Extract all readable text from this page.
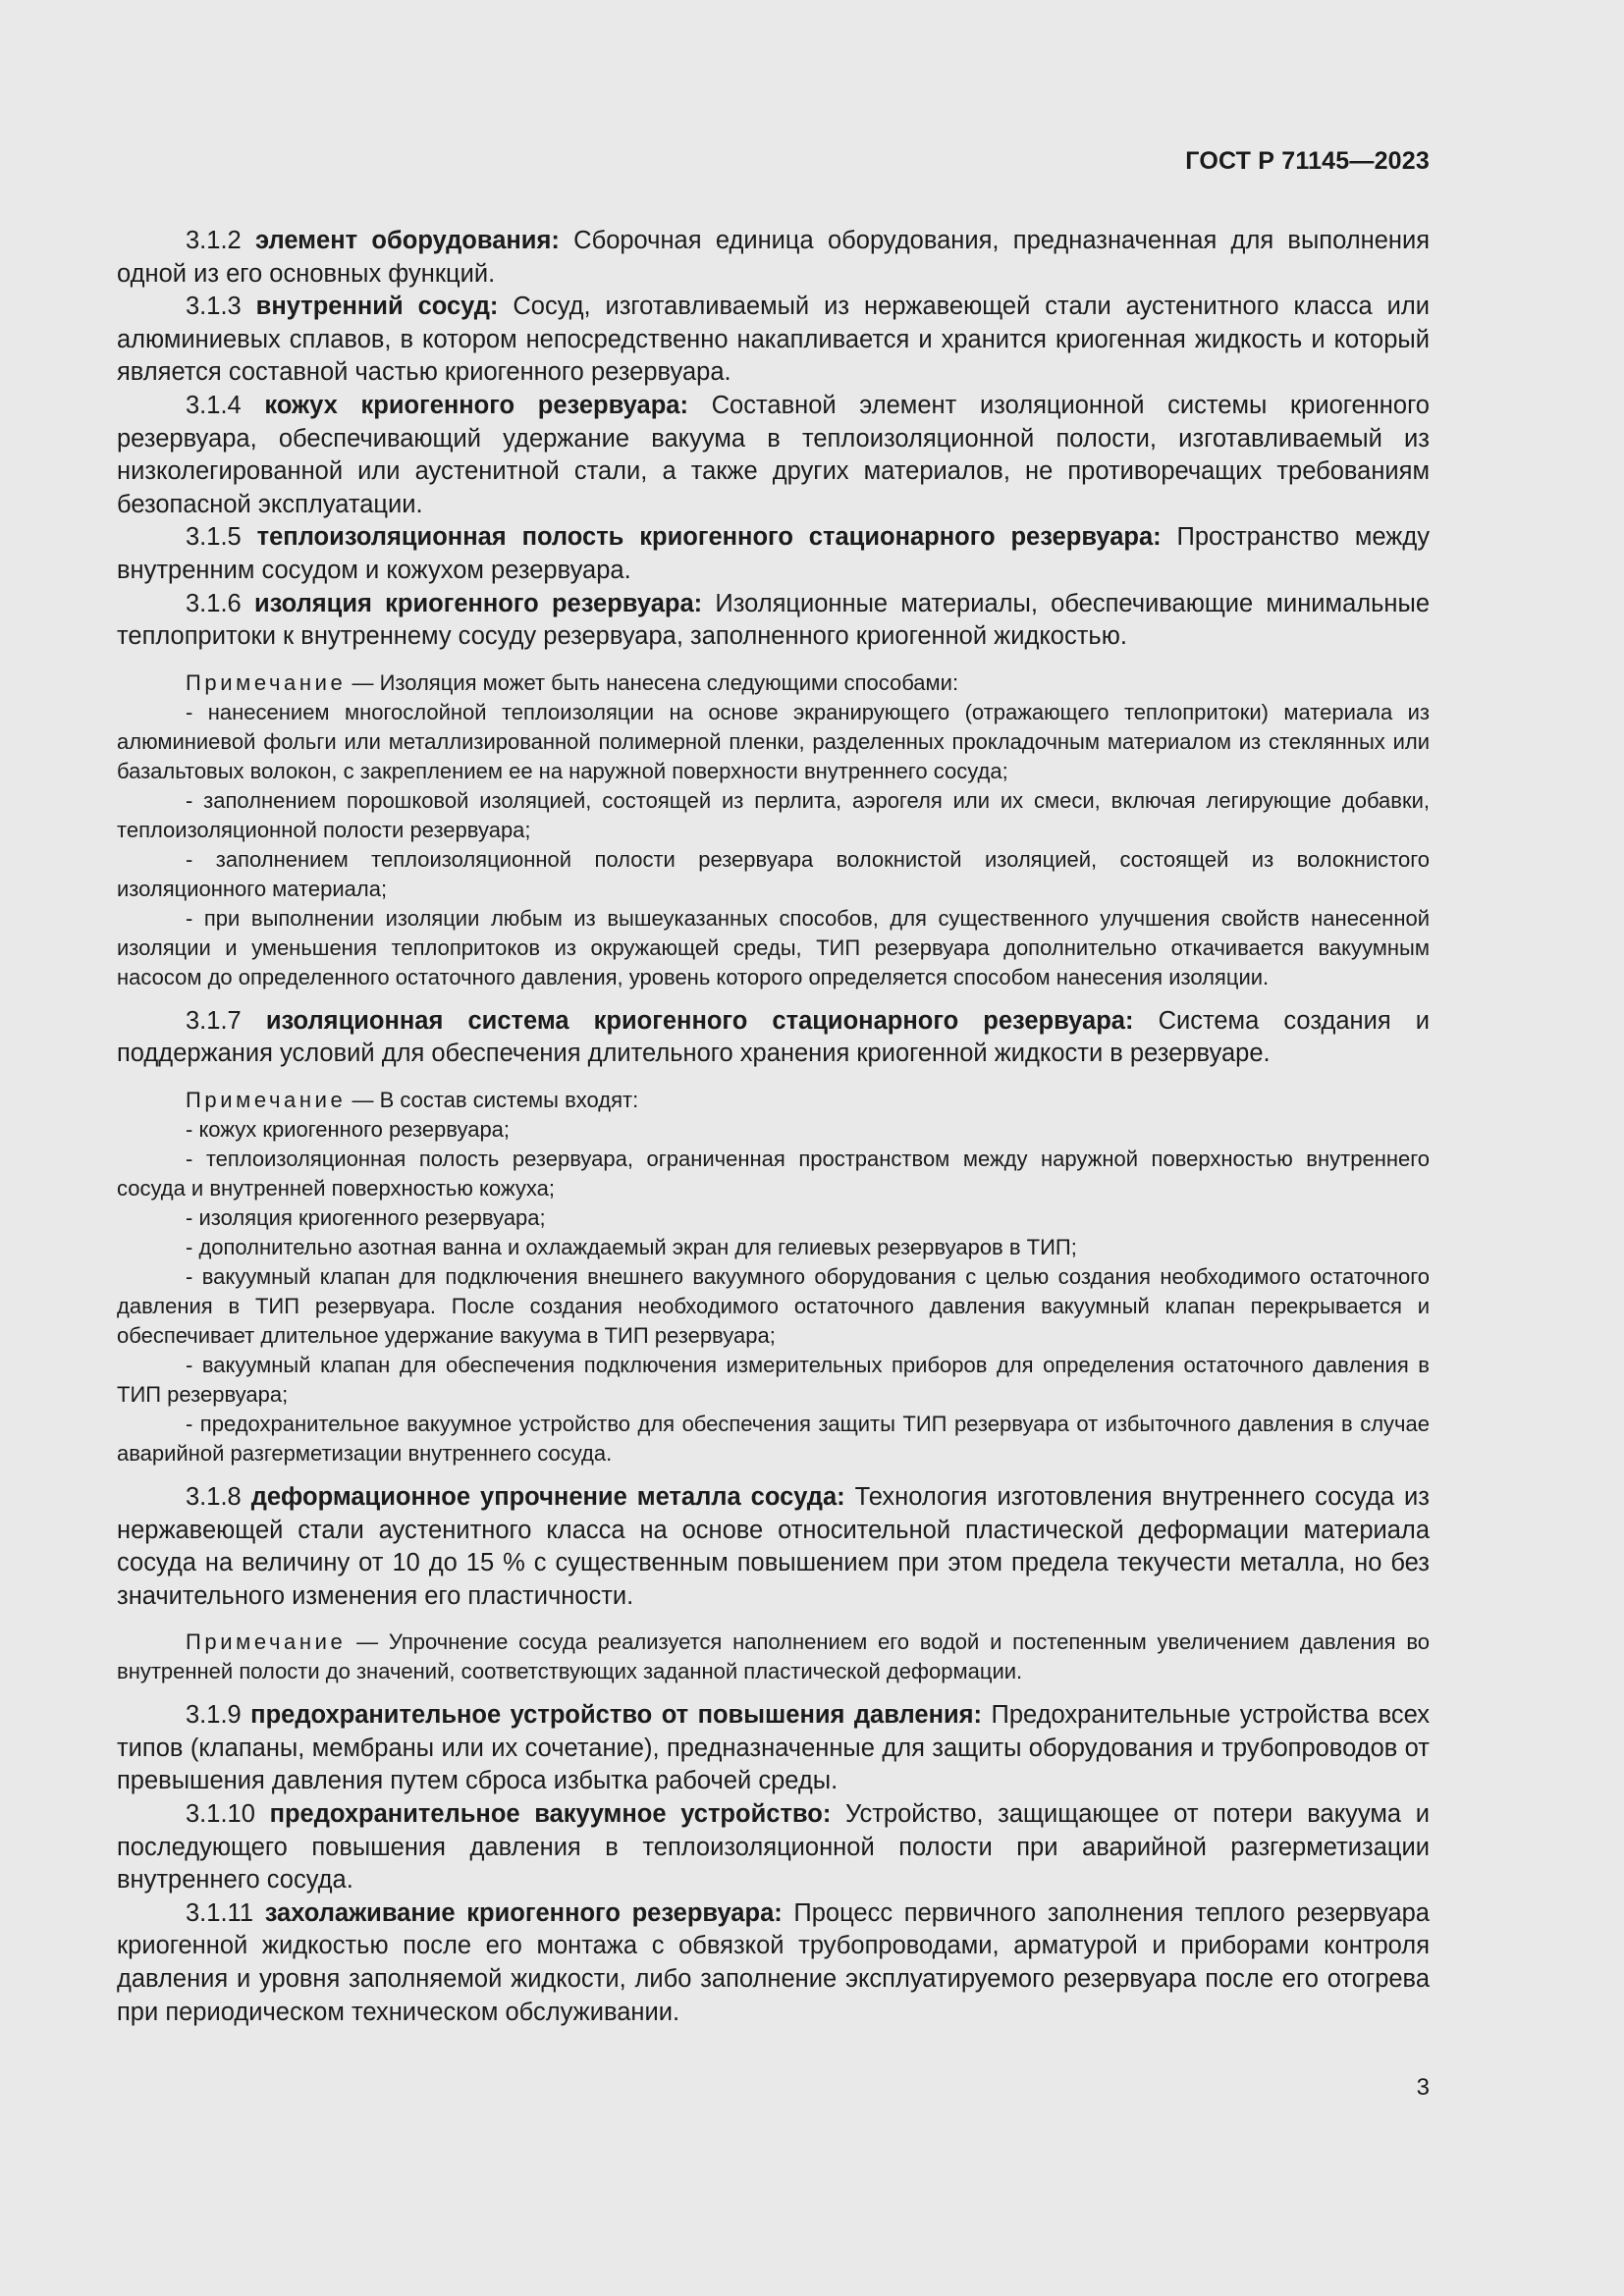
ГОСТ Р 71145—2023

3.1.2 элемент оборудования: Сборочная единица оборудования, предназначенная для выполнения одной из его основных функций.

3.1.3 внутренний сосуд: Сосуд, изготавливаемый из нержавеющей стали аустенитного класса или алюминиевых сплавов, в котором непосредственно накапливается и хранится криогенная жидкость и который является составной частью криогенного резервуара.

3.1.4 кожух криогенного резервуара: Составной элемент изоляционной системы криогенного резервуара, обеспечивающий удержание вакуума в теплоизоляционной полости, изготавливаемый из низколегированной или аустенитной стали, а также других материалов, не противоречащих требованиям безопасной эксплуатации.

3.1.5 теплоизоляционная полость криогенного стационарного резервуара: Пространство между внутренним сосудом и кожухом резервуара.

3.1.6 изоляция криогенного резервуара: Изоляционные материалы, обеспечивающие минимальные теплопритоки к внутреннему сосуду резервуара, заполненного криогенной жидкостью.

Примечание — Изоляция может быть нанесена следующими способами:

- нанесением многослойной теплоизоляции на основе экранирующего (отражающего теплопритоки) материала из алюминиевой фольги или металлизированной полимерной пленки, разделенных прокладочным материалом из стеклянных или базальтовых волокон, с закреплением ее на наружной поверхности внутреннего сосуда;

- заполнением порошковой изоляцией, состоящей из перлита, аэрогеля или их смеси, включая легирующие добавки, теплоизоляционной полости резервуара;

- заполнением теплоизоляционной полости резервуара волокнистой изоляцией, состоящей из волокнистого изоляционного материала;

- при выполнении изоляции любым из вышеуказанных способов, для существенного улучшения свойств нанесенной изоляции и уменьшения теплопритоков из окружающей среды, ТИП резервуара дополнительно откачивается вакуумным насосом до определенного остаточного давления, уровень которого определяется способом нанесения изоляции.

3.1.7 изоляционная система криогенного стационарного резервуара: Система создания и поддержания условий для обеспечения длительного хранения криогенной жидкости в резервуаре.

Примечание — В состав системы входят:

- кожух криогенного резервуара;

- теплоизоляционная полость резервуара, ограниченная пространством между наружной поверхностью внутреннего сосуда и внутренней поверхностью кожуха;

- изоляция криогенного резервуара;

- дополнительно азотная ванна и охлаждаемый экран для гелиевых резервуаров в ТИП;

- вакуумный клапан для подключения внешнего вакуумного оборудования с целью создания необходимого остаточного давления в ТИП резервуара. После создания необходимого остаточного давления вакуумный клапан перекрывается и обеспечивает длительное удержание вакуума в ТИП резервуара;

- вакуумный клапан для обеспечения подключения измерительных приборов для определения остаточного давления в ТИП резервуара;

- предохранительное вакуумное устройство для обеспечения защиты ТИП резервуара от избыточного давления в случае аварийной разгерметизации внутреннего сосуда.

3.1.8 деформационное упрочнение металла сосуда: Технология изготовления внутреннего сосуда из нержавеющей стали аустенитного класса на основе относительной пластической деформации материала сосуда на величину от 10 до 15 % с существенным повышением при этом предела текучести металла, но без значительного изменения его пластичности.

Примечание — Упрочнение сосуда реализуется наполнением его водой и постепенным увеличением давления во внутренней полости до значений, соответствующих заданной пластической деформации.

3.1.9 предохранительное устройство от повышения давления: Предохранительные устройства всех типов (клапаны, мембраны или их сочетание), предназначенные для защиты оборудования и трубопроводов от превышения давления путем сброса избытка рабочей среды.

3.1.10 предохранительное вакуумное устройство: Устройство, защищающее от потери вакуума и последующего повышения давления в теплоизоляционной полости при аварийной разгерметизации внутреннего сосуда.

3.1.11 захолаживание криогенного резервуара: Процесс первичного заполнения теплого резервуара криогенной жидкостью после его монтажа с обвязкой трубопроводами, арматурой и приборами контроля давления и уровня заполняемой жидкости, либо заполнение эксплуатируемого резервуара после его отогрева при периодическом техническом обслуживании.

3
